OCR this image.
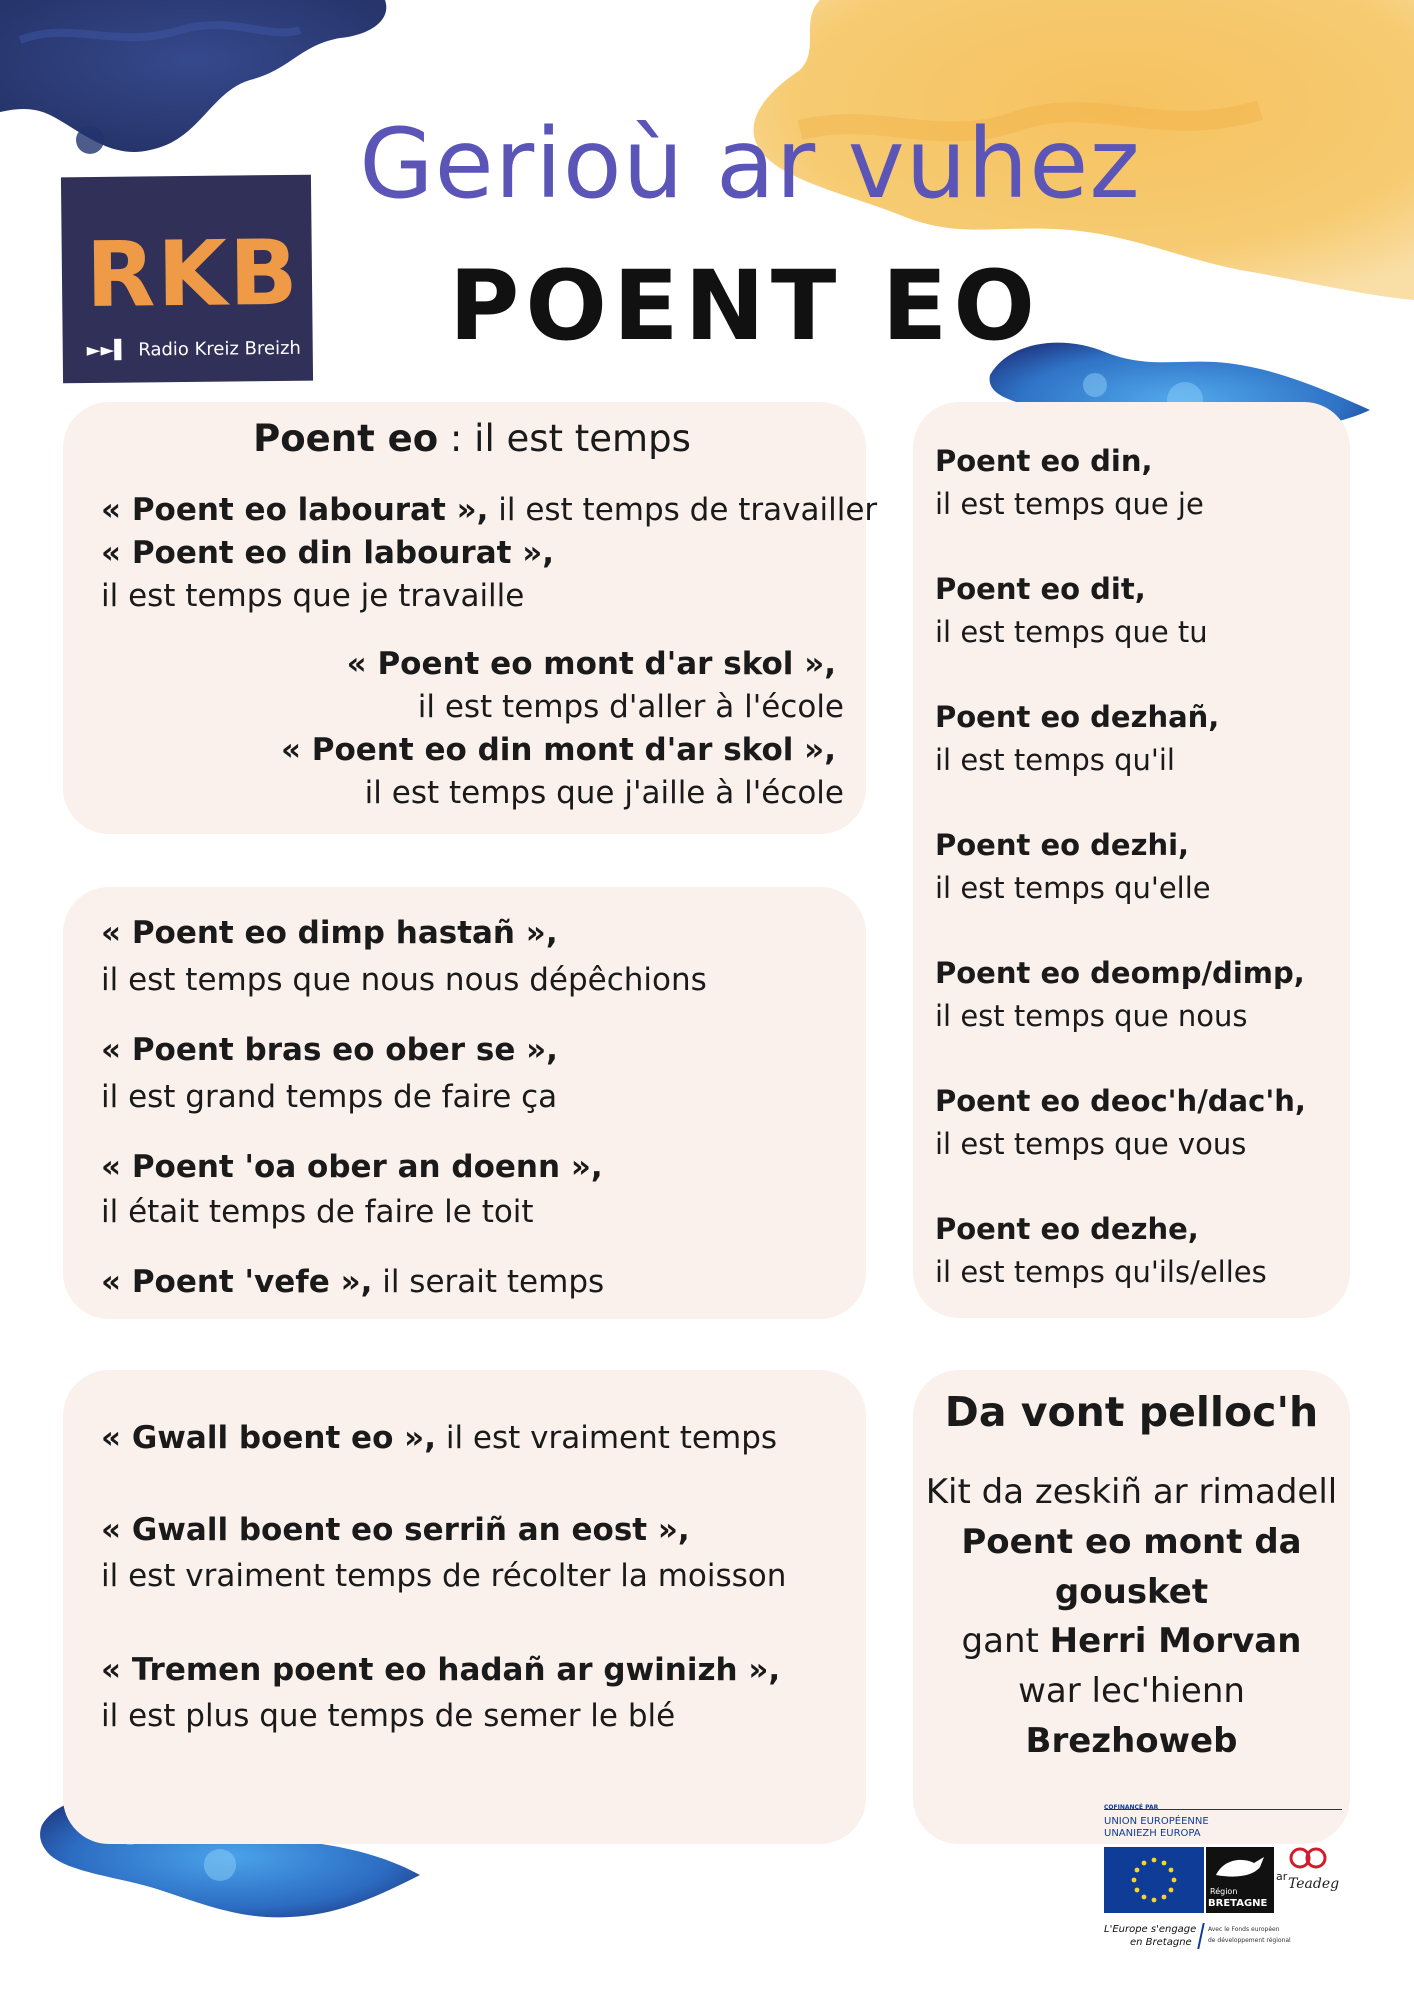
RKB
►►▌ Radio Kreiz Breizh
Gerioù ar vuhez
POENT EO
Poent eo : il est temps
« Poent eo labourat », il est temps de travailler
« Poent eo din labourat »,
il est temps que je travaille
« Poent eo mont d'ar skol »,
il est temps d'aller à l'école
« Poent eo din mont d'ar skol »,
il est temps que j'aille à l'école
« Poent eo dimp hastañ »,
il est temps que nous nous dépêchions
« Poent bras eo ober se »,
il est grand temps de faire ça
« Poent 'oa ober an doenn »,
il était temps de faire le toit
« Poent 'vefe », il serait temps
« Gwall boent eo », il est vraiment temps
« Gwall boent eo serriñ an eost »,
il est vraiment temps de récolter la moisson
« Tremen poent eo hadañ ar gwinizh »,
il est plus que temps de semer le blé
Poent eo din,
il est temps que je
Poent eo dit,
il est temps que tu
Poent eo dezhañ,
il est temps qu'il
Poent eo dezhi,
il est temps qu'elle
Poent eo deomp/dimp,
il est temps que nous
Poent eo deoc'h/dac'h,
il est temps que vous
Poent eo dezhe,
il est temps qu'ils/elles
Da vont pelloc'h
Kit da zeskiñ ar rimadell
Poent eo mont da
gousket
gant Herri Morvan
war lec'hienn
Brezhoweb
COFINANCÉ PAR
UNION EUROPÉENNE
UNANIEZH EUROPA
Région
BRETAGNE
ar Teadeg
L'Europe s'engage
en Bretagne
Avec le Fonds européen
de développement régional
